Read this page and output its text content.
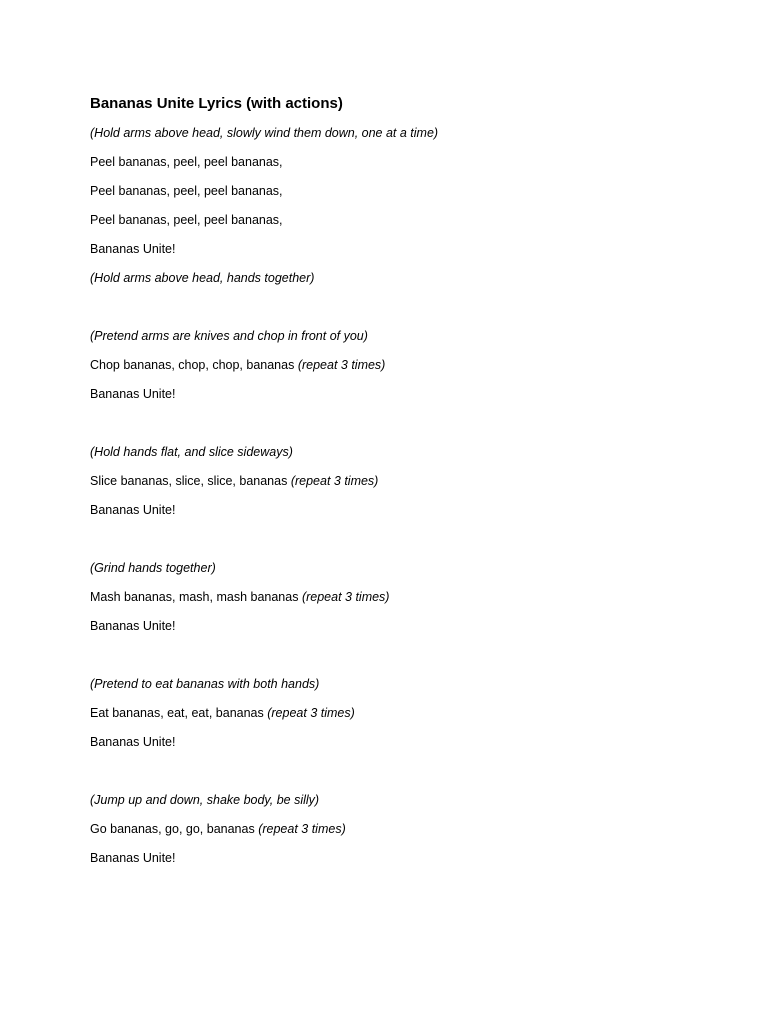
Bananas Unite Lyrics (with actions)
(Hold arms above head, slowly wind them down, one at a time)
Peel bananas, peel, peel bananas,
Peel bananas, peel, peel bananas,
Peel bananas, peel, peel bananas,
Bananas Unite!
(Hold arms above head, hands together)
(Pretend arms are knives and chop in front of you)
Chop bananas, chop, chop, bananas (repeat 3 times)
Bananas Unite!
(Hold hands flat, and slice sideways)
Slice bananas, slice, slice, bananas (repeat 3 times)
Bananas Unite!
(Grind hands together)
Mash bananas, mash, mash bananas (repeat 3 times)
Bananas Unite!
(Pretend to eat bananas with both hands)
Eat bananas, eat, eat, bananas (repeat 3 times)
Bananas Unite!
(Jump up and down, shake body, be silly)
Go bananas, go, go, bananas (repeat 3 times)
Bananas Unite!
